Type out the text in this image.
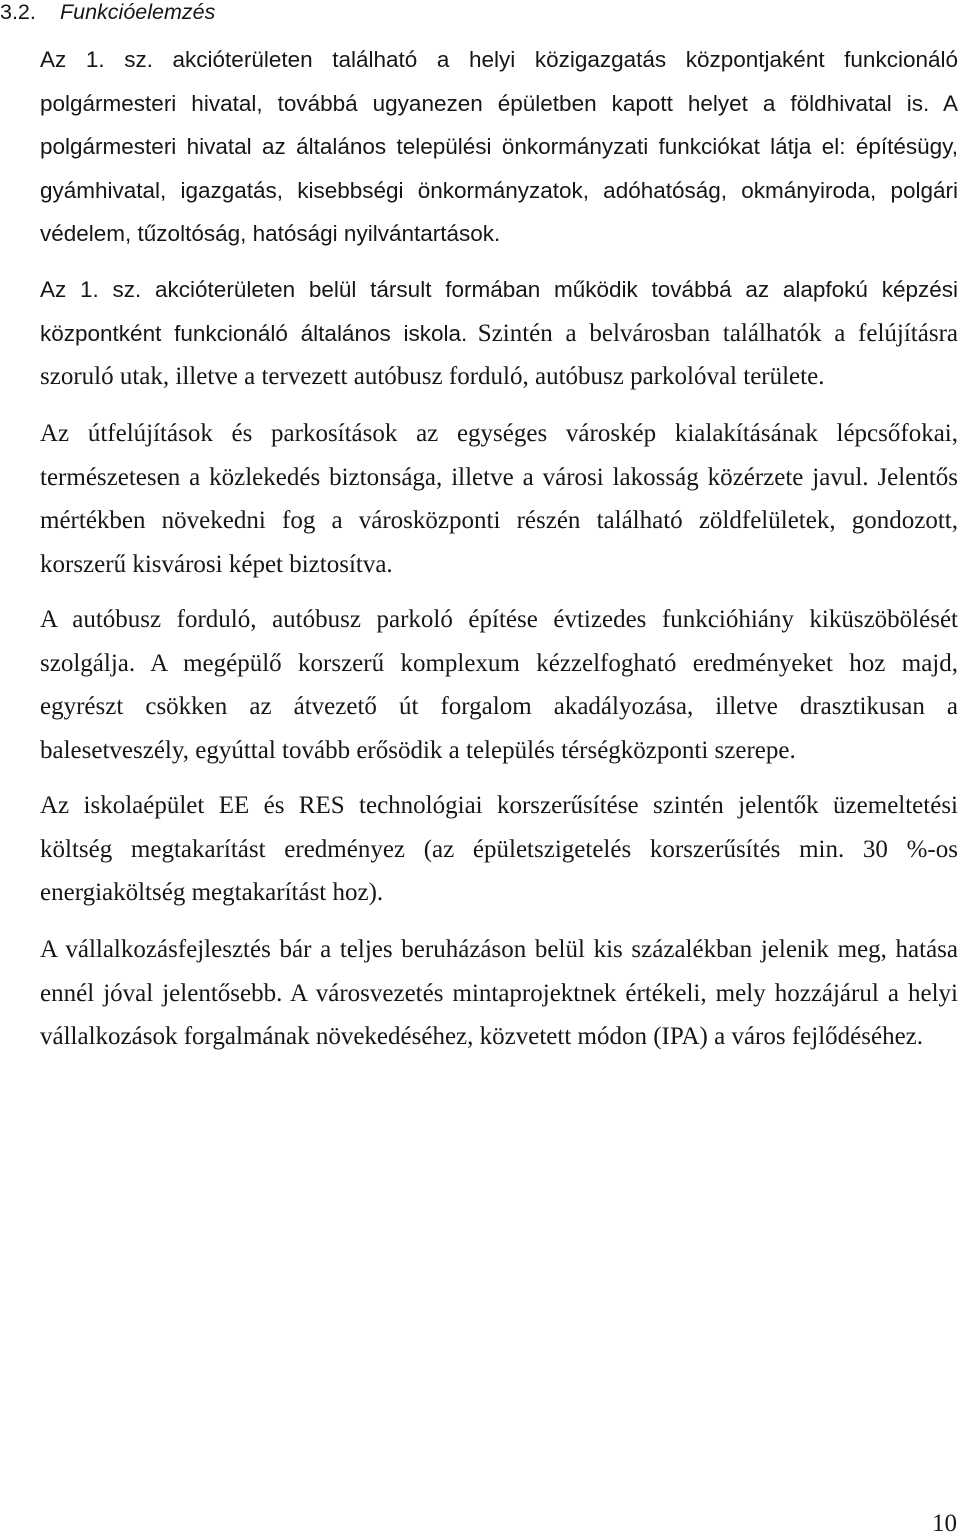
3.2. Funkcióelemzés
Az 1. sz. akcióterületen található a helyi közigazgatás központjaként funkcionáló
polgármesteri hivatal, továbbá ugyanezen épületben kapott helyet a földhivatal is. A
polgármesteri hivatal az általános települési önkormányzati funkciókat látja el: építésügy,
gyámhivatal, igazgatás, kisebbségi önkormányzatok, adóhatóság, okmányiroda, polgári
védelem, tűzoltóság, hatósági nyilvántartások.
Az 1. sz. akcióterületen belül társult formában működik továbbá az alapfokú képzési
központként funkcionáló általános iskola. Szintén a belvárosban találhatók a felújításra
szoruló utak, illetve a tervezett autóbusz forduló, autóbusz parkolóval területe.
Az útfelújítások és parkosítások az egységes városkép kialakításának lépcsőfokai,
természetesen a közlekedés biztonsága, illetve a városi lakosság közérzete javul. Jelentős
mértékben növekedni fog a városközponti részén található zöldfelületek, gondozott,
korszerű kisvárosi képet biztosítva.
A autóbusz forduló, autóbusz parkoló építése évtizedes funkcióhiány kiküszöbölését
szolgálja. A megépülő korszerű komplexum kézzelfogható eredményeket hoz majd,
egyrészt csökken az átvezető út forgalom akadályozása, illetve drasztikusan a
balesetveszély, egyúttal tovább erősödik a település térségközponti szerepe.
Az iskolaépület EE és RES technológiai korszerűsítése szintén jelentők üzemeltetési
költség megtakarítást eredményez (az épületszigetelés korszerűsítés min. 30 %-os
energiaköltség megtakarítást hoz).
A vállalkozásfejlesztés bár a teljes beruházáson belül kis százalékban jelenik meg, hatása
ennél jóval jelentősebb. A városvezetés mintaprojektnek értékeli, mely hozzájárul a helyi
vállalkozások forgalmának növekedéséhez, közvetett módon (IPA) a város fejlődéséhez.
10
